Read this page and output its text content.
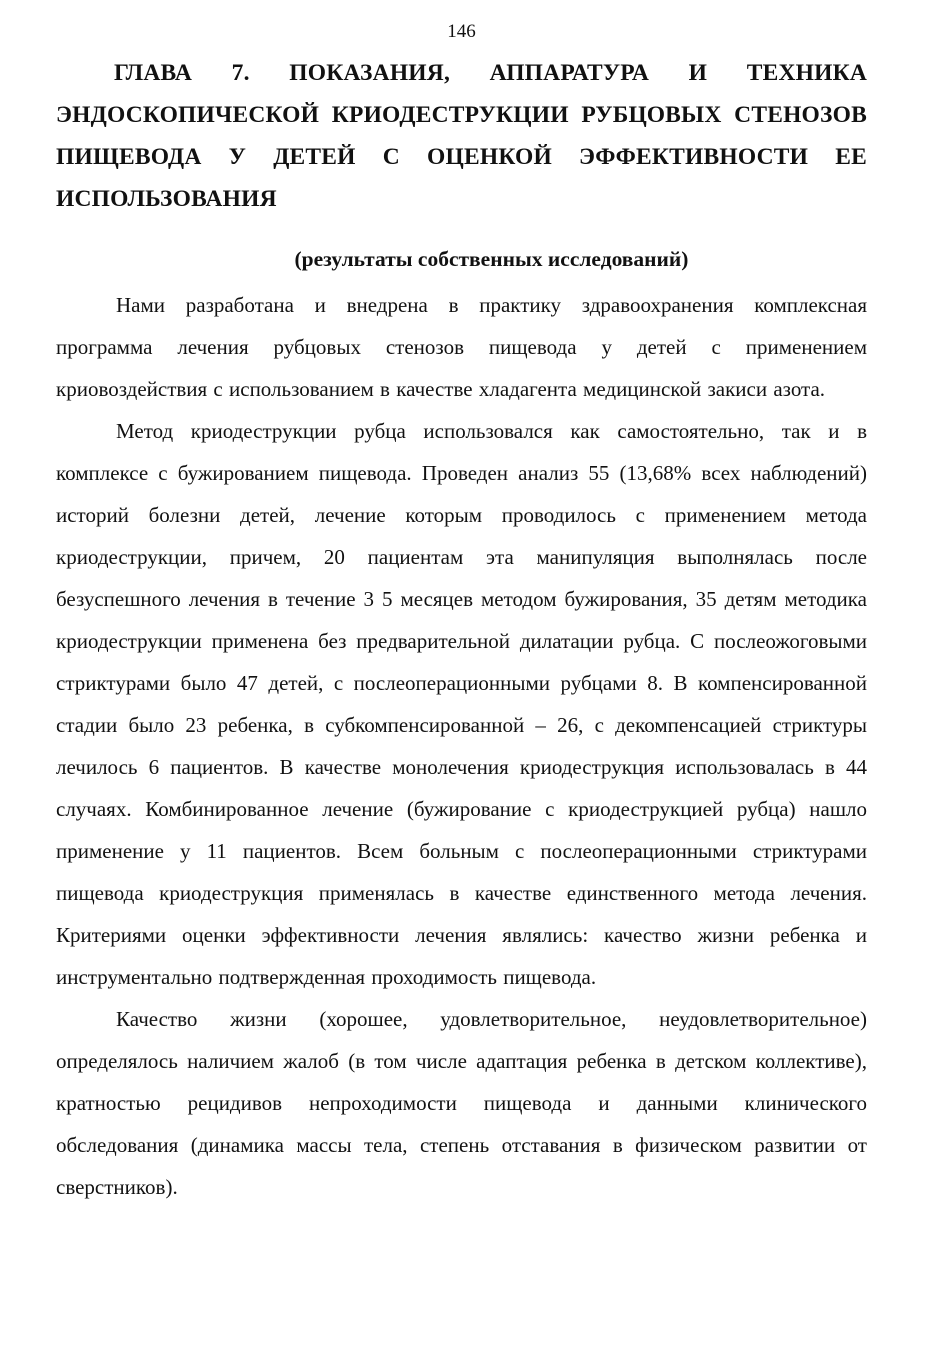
146
ГЛАВА 7. ПОКАЗАНИЯ, АППАРАТУРА И ТЕХНИКА ЭНДОСКОПИЧЕСКОЙ КРИОДЕСТРУКЦИИ РУБЦОВЫХ СТЕНОЗОВ ПИЩЕВОДА У ДЕТЕЙ С ОЦЕНКОЙ ЭФФЕКТИВНОСТИ ЕЕ ИСПОЛЬЗОВАНИЯ
(результаты собственных исследований)

Нами разработана и внедрена в практику здравоохранения комплексная программа лечения рубцовых стенозов пищевода у детей с применением криовоздействия с использованием в качестве хладагента медицинской закиси азота.

Метод криодеструкции рубца использовался как самостоятельно, так и в комплексе с бужированием пищевода. Проведен анализ 55 (13,68% всех наблюдений) историй болезни детей, лечение которым проводилось с применением метода криодеструкции, причем, 20 пациентам эта манипуляция выполнялась после безуспешного лечения в течение 3 5 месяцев методом бужирования, 35 детям методика криодеструкции применена без предварительной дилатации рубца. С послеожоговыми стриктурами было 47 детей, с послеоперационными рубцами 8. В компенсированной стадии было 23 ребенка, в субкомпенсированной – 26, с декомпенсацией стриктуры лечилось 6 пациентов. В качестве монолечения криодеструкция использовалась в 44 случаях. Комбинированное лечение (бужирование с криодеструкцией рубца) нашло применение у 11 пациентов. Всем больным с послеоперационными стриктурами пищевода криодеструкция применялась в качестве единственного метода лечения. Критериями оценки эффективности лечения являлись: качество жизни ребенка и инструментально подтвержденная проходимость пищевода.

Качество жизни (хорошее, удовлетворительное, неудовлетворительное) определялось наличием жалоб (в том числе адаптация ребенка в детском коллективе), кратностью рецидивов непроходимости пищевода и данными клинического обследования (динамика массы тела, степень отставания в физическом развитии от сверстников).
